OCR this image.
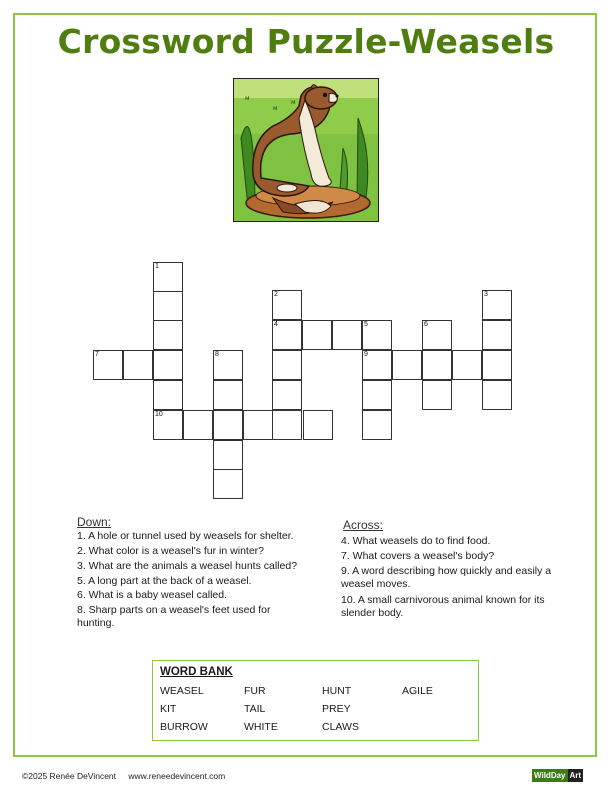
Crossword Puzzle-Weasels
ᴍ
ᴍ
ᴍ
1
10
7	8
2
4	5
9
6
3
Down:
1. A hole or tunnel used by weasels for shelter.
2. What color is a weasel's fur in winter?
3. What are the animals a weasel hunts called?
5. A long part at the back of a weasel.
6. What is a baby weasel called.
8. Sharp parts on a weasel's feet used for hunting.
Across:
4. What weasels do to find food.
7. What covers a weasel's body?
9. A word describing how quickly and easily a weasel moves.
10. A small carnivorous animal known for its slender body.
WORD BANK
WEASEL	FUR	HUNT	AGILE
KIT	TAIL	PREY
BURROW	WHITE	CLAWS
©2025 Renée DeVincent www.reneedevincent.com	WildDay Art
